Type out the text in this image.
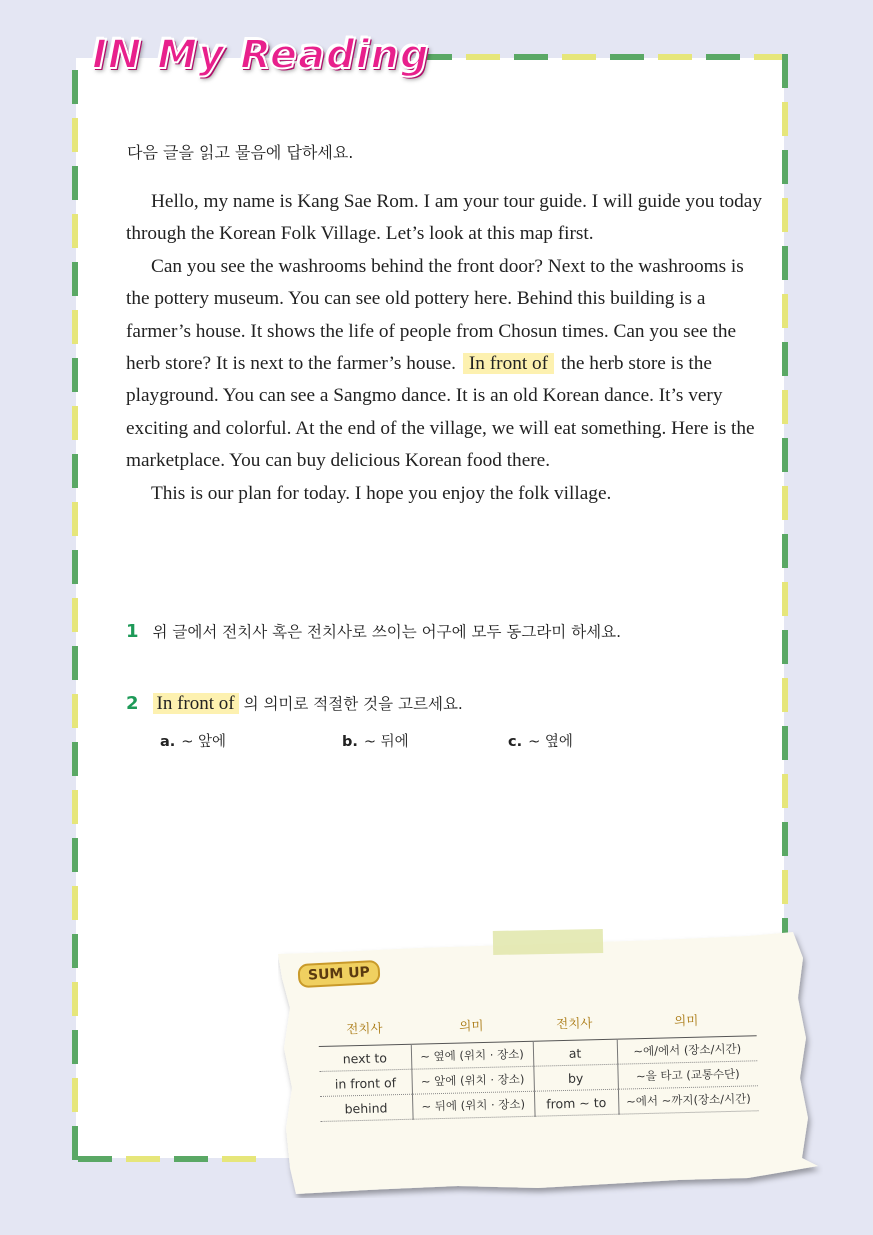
IN My Reading
다음 글을 읽고 물음에 답하세요.

Hello, my name is Kang Sae Rom. I am your tour guide. I will guide you today through the Korean Folk Village. Let’s look at this map first.

Can you see the washrooms behind the front door? Next to the washrooms is the pottery museum. You can see old pottery here. Behind this building is a farmer’s house. It shows the life of people from Chosun times. Can you see the herb store? It is next to the farmer’s house. In front of the herb store is the playground. You can see a Sangmo dance. It is an old Korean dance. It’s very exciting and colorful. At the end of the village, we will eat something. Here is the marketplace. You can buy delicious Korean food there.

This is our plan for today. I hope you enjoy the folk village.

1 위 글에서 전치사 혹은 전치사로 쓰이는 어구에 모두 동그라미 하세요.
2 In front of 의 의미로 적절한 것을 고르세요.
a. ~ 앞에	b. ~ 뒤에	c. ~ 옆에
SUM UP
전치사	의미	전치사	의미
next to	~ 옆에 (위치 · 장소)	at	~에/에서 (장소/시간)
in front of	~ 앞에 (위치 · 장소)	by	~을 타고 (교통수단)
behind	~ 뒤에 (위치 · 장소)	from ~ to	~에서 ~까지(장소/시간)
